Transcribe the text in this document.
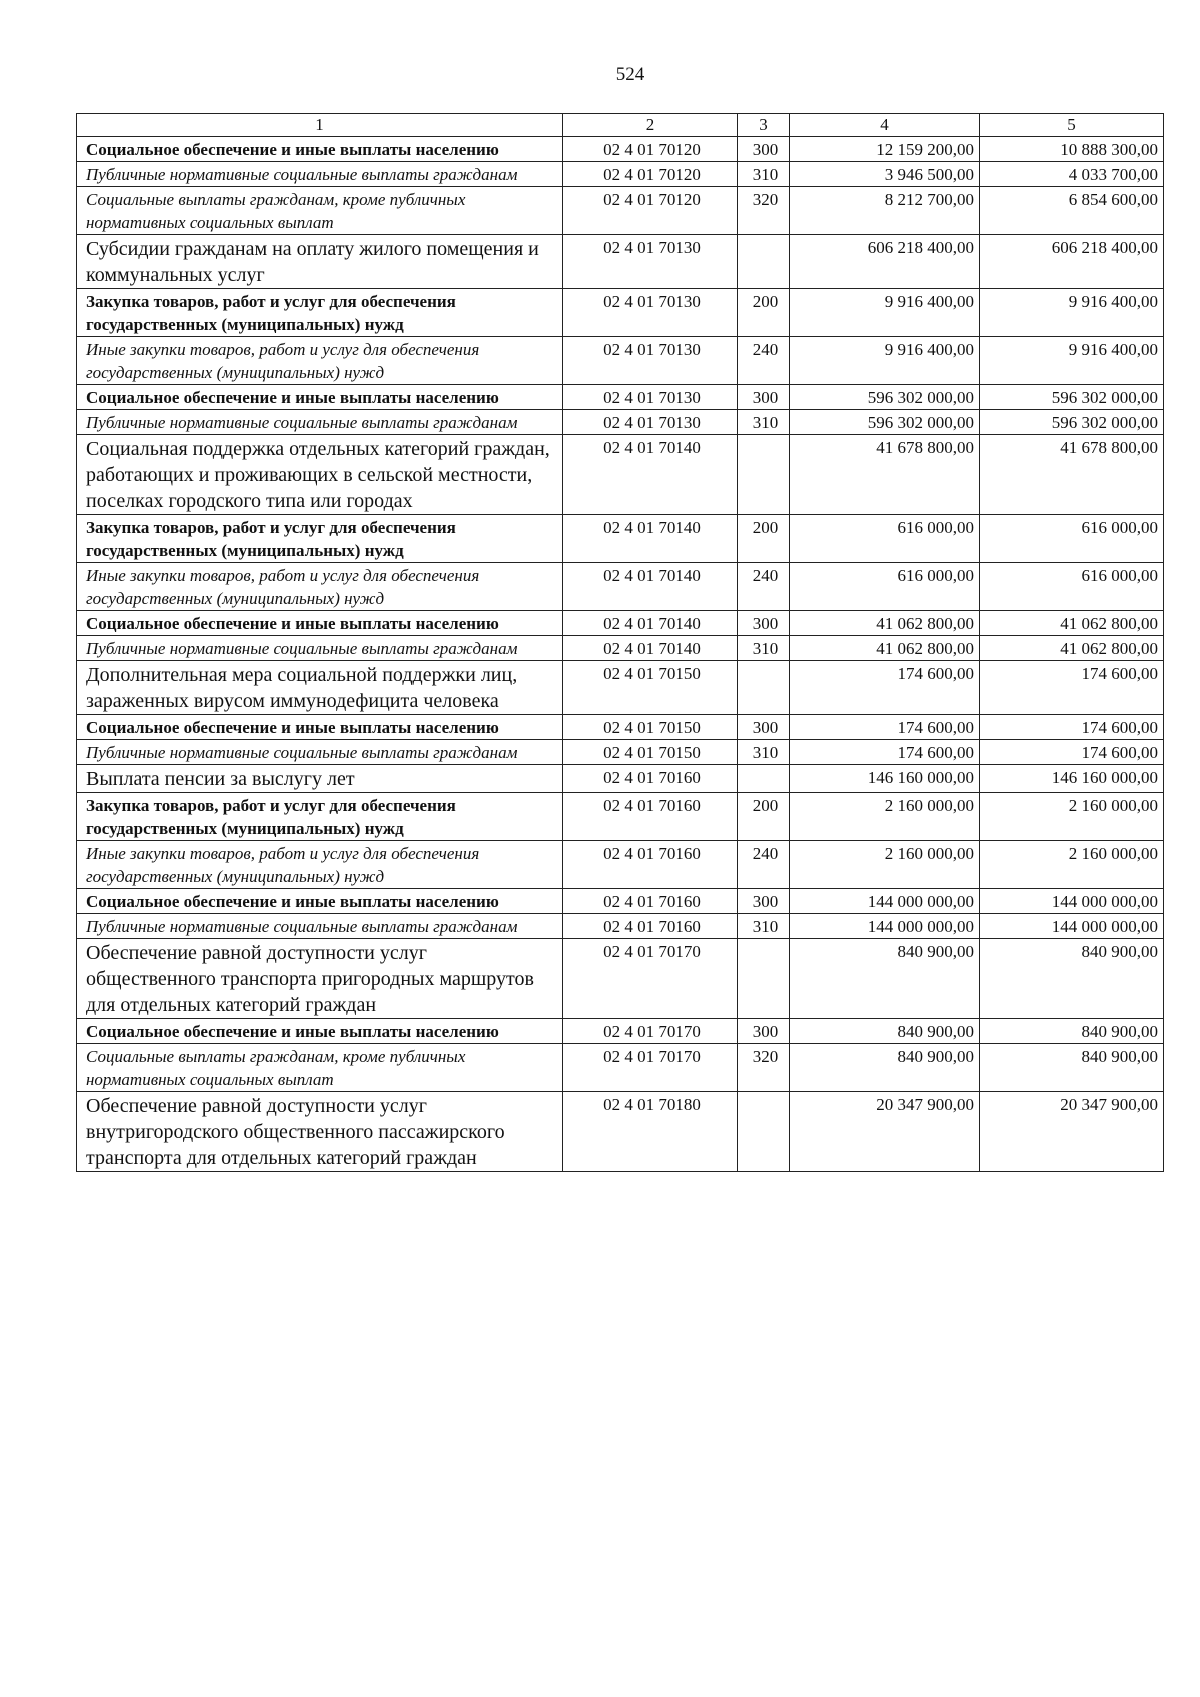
524
1	2	3	4	5
Социальное обеспечение и иные выплаты населению	02 4 01 70120	300	12 159 200,00	10 888 300,00
Публичные нормативные социальные выплаты гражданам	02 4 01 70120	310	3 946 500,00	4 033 700,00
Социальные выплаты гражданам, кроме публичных нормативных социальных выплат	02 4 01 70120	320	8 212 700,00	6 854 600,00
Субсидии гражданам на оплату жилого помещения и коммунальных услуг	02 4 01 70130		606 218 400,00	606 218 400,00
Закупка товаров, работ и услуг для обеспечения государственных (муниципальных) нужд	02 4 01 70130	200	9 916 400,00	9 916 400,00
Иные закупки товаров, работ и услуг для обеспечения государственных (муниципальных) нужд	02 4 01 70130	240	9 916 400,00	9 916 400,00
Социальное обеспечение и иные выплаты населению	02 4 01 70130	300	596 302 000,00	596 302 000,00
Публичные нормативные социальные выплаты гражданам	02 4 01 70130	310	596 302 000,00	596 302 000,00
Социальная поддержка отдельных категорий граждан, работающих и проживающих в сельской местности, поселках городского типа или городах	02 4 01 70140		41 678 800,00	41 678 800,00
Закупка товаров, работ и услуг для обеспечения государственных (муниципальных) нужд	02 4 01 70140	200	616 000,00	616 000,00
Иные закупки товаров, работ и услуг для обеспечения государственных (муниципальных) нужд	02 4 01 70140	240	616 000,00	616 000,00
Социальное обеспечение и иные выплаты населению	02 4 01 70140	300	41 062 800,00	41 062 800,00
Публичные нормативные социальные выплаты гражданам	02 4 01 70140	310	41 062 800,00	41 062 800,00
Дополнительная мера социальной поддержки лиц, зараженных вирусом иммунодефицита человека	02 4 01 70150		174 600,00	174 600,00
Социальное обеспечение и иные выплаты населению	02 4 01 70150	300	174 600,00	174 600,00
Публичные нормативные социальные выплаты гражданам	02 4 01 70150	310	174 600,00	174 600,00
Выплата пенсии за выслугу лет	02 4 01 70160		146 160 000,00	146 160 000,00
Закупка товаров, работ и услуг для обеспечения государственных (муниципальных) нужд	02 4 01 70160	200	2 160 000,00	2 160 000,00
Иные закупки товаров, работ и услуг для обеспечения государственных (муниципальных) нужд	02 4 01 70160	240	2 160 000,00	2 160 000,00
Социальное обеспечение и иные выплаты населению	02 4 01 70160	300	144 000 000,00	144 000 000,00
Публичные нормативные социальные выплаты гражданам	02 4 01 70160	310	144 000 000,00	144 000 000,00
Обеспечение равной доступности услуг общественного транспорта пригородных маршрутов для отдельных категорий граждан	02 4 01 70170		840 900,00	840 900,00
Социальное обеспечение и иные выплаты населению	02 4 01 70170	300	840 900,00	840 900,00
Социальные выплаты гражданам, кроме публичных нормативных социальных выплат	02 4 01 70170	320	840 900,00	840 900,00
Обеспечение равной доступности услуг внутригородского общественного пассажирского транспорта для отдельных категорий граждан	02 4 01 70180		20 347 900,00	20 347 900,00
